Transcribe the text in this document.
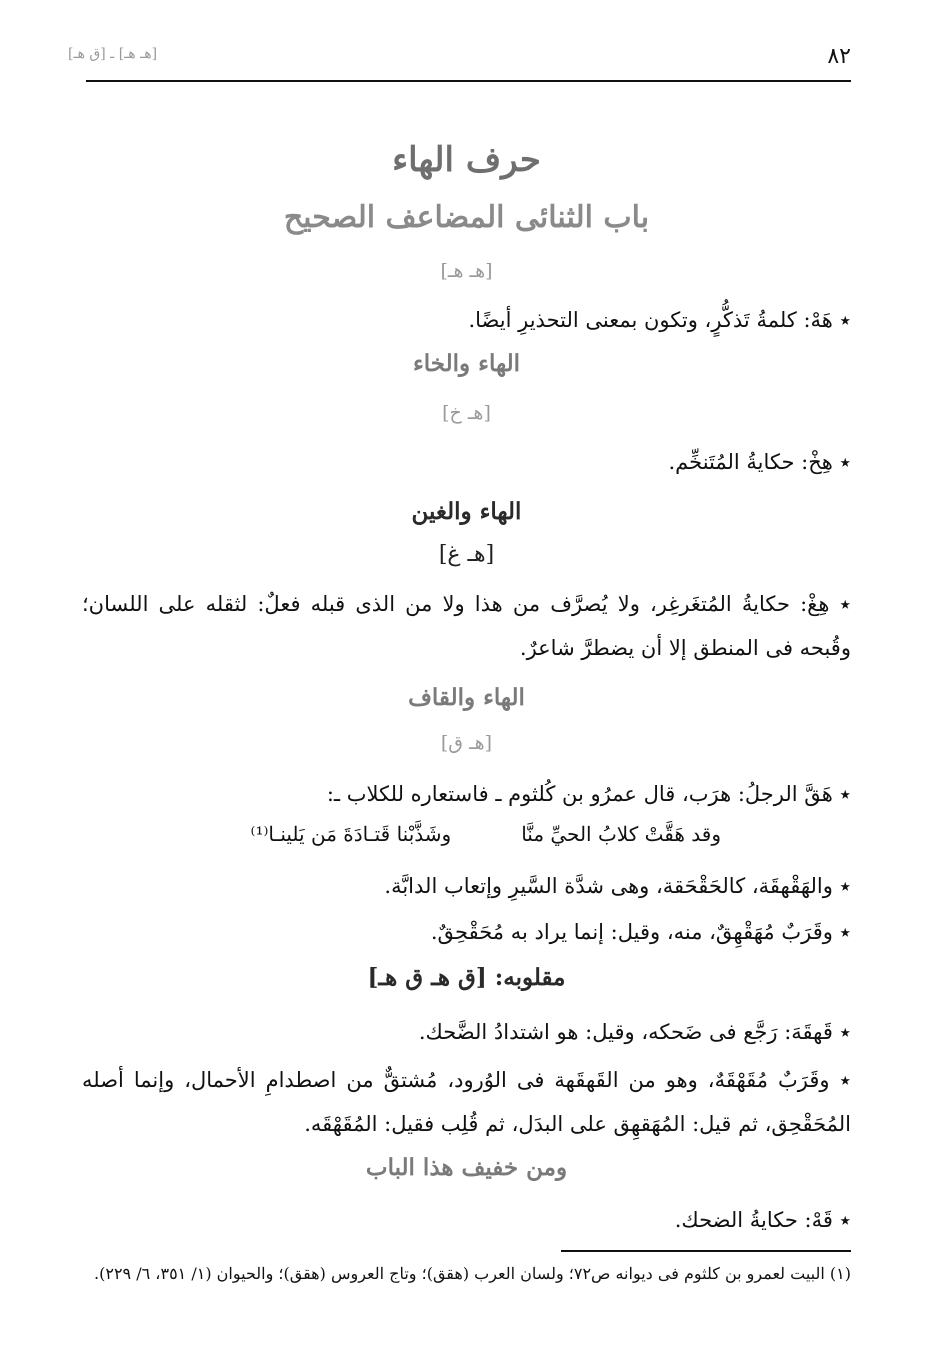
٨٢
[هـ هـ] ـ [ق هـ]
حرف الهاء
باب الثنائى المضاعف الصحيح
[هـ هـ]
٭ هَهْ: كلمةُ تَذكُّرٍ، وتكون بمعنى التحذيرِ أيضًا.
الهاء والخاء
[هـ خ]
٭ هِخْ: حكايةُ المُتَنخِّم.
الهاء والغين
[هـ غ]
٭ هِغْ: حكايةُ المُتغَرغِر، ولا يُصرَّف من هذا ولا من الذى قبله فعلٌ: لثقله على اللسان؛ وقُبحه فى المنطق إلا أن يضطرَّ شاعرٌ.
الهاء والقاف
[هـ ق]
٭ هَقَّ الرجلُ: هرَب، قال عمرُو بن كُلثوم ـ فاستعاره للكلاب ـ:
وقد هَقَّتْ كلابُ الحيِّ منَّا
وشَذَّبْنا قَتـادَةَ مَن يَلينـا⁽¹⁾
٭ والهَقْهقَة، كالحَقْحَقة، وهى شدَّة السَّيرِ وإتعاب الدابَّة.
٭ وقَرَبٌ مُهَقْهِقٌ، منه، وقيل: إنما يراد به مُحَقْحِقٌ.
مقلوبه: [ق هـ ق هـ]
٭ قَهقَهَ: رَجَّع فى ضَحكه، وقيل: هو اشتدادُ الضَّحك.
٭ وقَرَبٌ مُقَهْقَهٌ، وهو من القَهقَهة فى الوُرود، مُشتقٌّ من اصطدامِ الأحمال، وإنما أصله المُحَقْحِق، ثم قيل: المُهَقهِق على البدَل، ثم قُلِب فقيل: المُقَهْقَه.
ومن خفيف هذا الباب
٭ قَهْ: حكايةُ الضحك.
(١) البيت لعمرو بن كلثوم فى ديوانه ص٧٢؛ ولسان العرب (هقق)؛ وتاج العروس (هقق)؛ والحيوان (١/ ٣٥١، ٦/ ٢٢٩).
